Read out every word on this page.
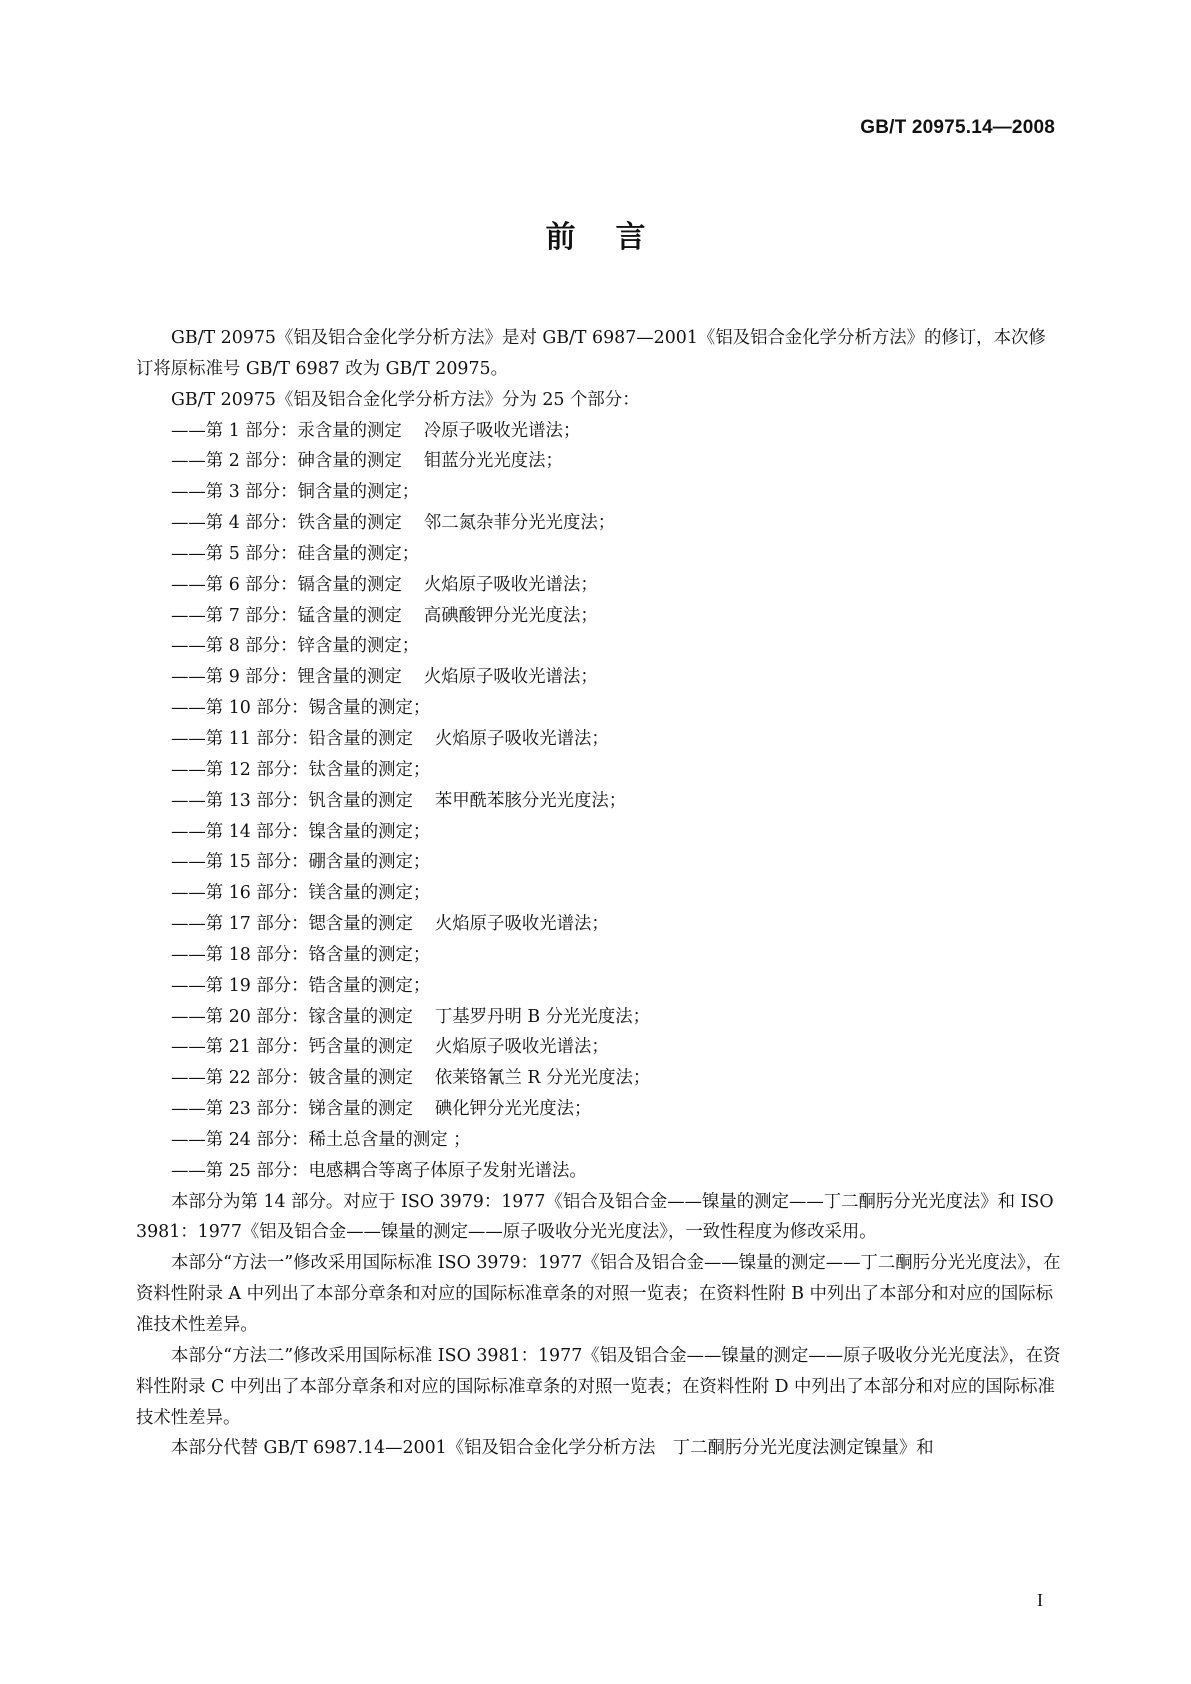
GB/T 20975.14—2008
前言

GB/T 20975《铝及铝合金化学分析方法》是对 GB/T 6987—2001《铝及铝合金化学分析方法》的修订，本次修订将原标准号 GB/T 6987 改为 GB/T 20975。

GB/T 20975《铝及铝合金化学分析方法》分为 25 个部分：

——第 1 部分：汞含量的测定 冷原子吸收光谱法；
——第 2 部分：砷含量的测定 钼蓝分光光度法；
——第 3 部分：铜含量的测定；
——第 4 部分：铁含量的测定 邻二氮杂菲分光光度法；
——第 5 部分：硅含量的测定；
——第 6 部分：镉含量的测定 火焰原子吸收光谱法；
——第 7 部分：锰含量的测定 高碘酸钾分光光度法；
——第 8 部分：锌含量的测定；
——第 9 部分：锂含量的测定 火焰原子吸收光谱法；
——第 10 部分：锡含量的测定；
——第 11 部分：铅含量的测定 火焰原子吸收光谱法；
——第 12 部分：钛含量的测定；
——第 13 部分：钒含量的测定 苯甲酰苯胲分光光度法；
——第 14 部分：镍含量的测定；
——第 15 部分：硼含量的测定；
——第 16 部分：镁含量的测定；
——第 17 部分：锶含量的测定 火焰原子吸收光谱法；
——第 18 部分：铬含量的测定；
——第 19 部分：锆含量的测定；
——第 20 部分：镓含量的测定 丁基罗丹明 B 分光光度法；
——第 21 部分：钙含量的测定 火焰原子吸收光谱法；
——第 22 部分：铍含量的测定 依莱铬氰兰 R 分光光度法；
——第 23 部分：锑含量的测定 碘化钾分光光度法；
——第 24 部分：稀土总含量的测定 ；
——第 25 部分：电感耦合等离子体原子发射光谱法。

本部分为第 14 部分。对应于 ISO 3979：1977《铝合及铝合金——镍量的测定——丁二酮肟分光光度法》和 ISO 3981：1977《铝及铝合金——镍量的测定——原子吸收分光光度法》，一致性程度为修改采用。

本部分“方法一”修改采用国际标准 ISO 3979：1977《铝合及铝合金——镍量的测定——丁二酮肟分光光度法》，在资料性附录 A 中列出了本部分章条和对应的国际标准章条的对照一览表；在资料性附 B 中列出了本部分和对应的国际标准技术性差异。

本部分“方法二”修改采用国际标准 ISO 3981：1977《铝及铝合金——镍量的测定——原子吸收分光光度法》，在资料性附录 C 中列出了本部分章条和对应的国际标准章条的对照一览表；在资料性附 D 中列出了本部分和对应的国际标准技术性差异。

本部分代替 GB/T 6987.14—2001《铝及铝合金化学分析方法　丁二酮肟分光光度法测定镍量》和

I
